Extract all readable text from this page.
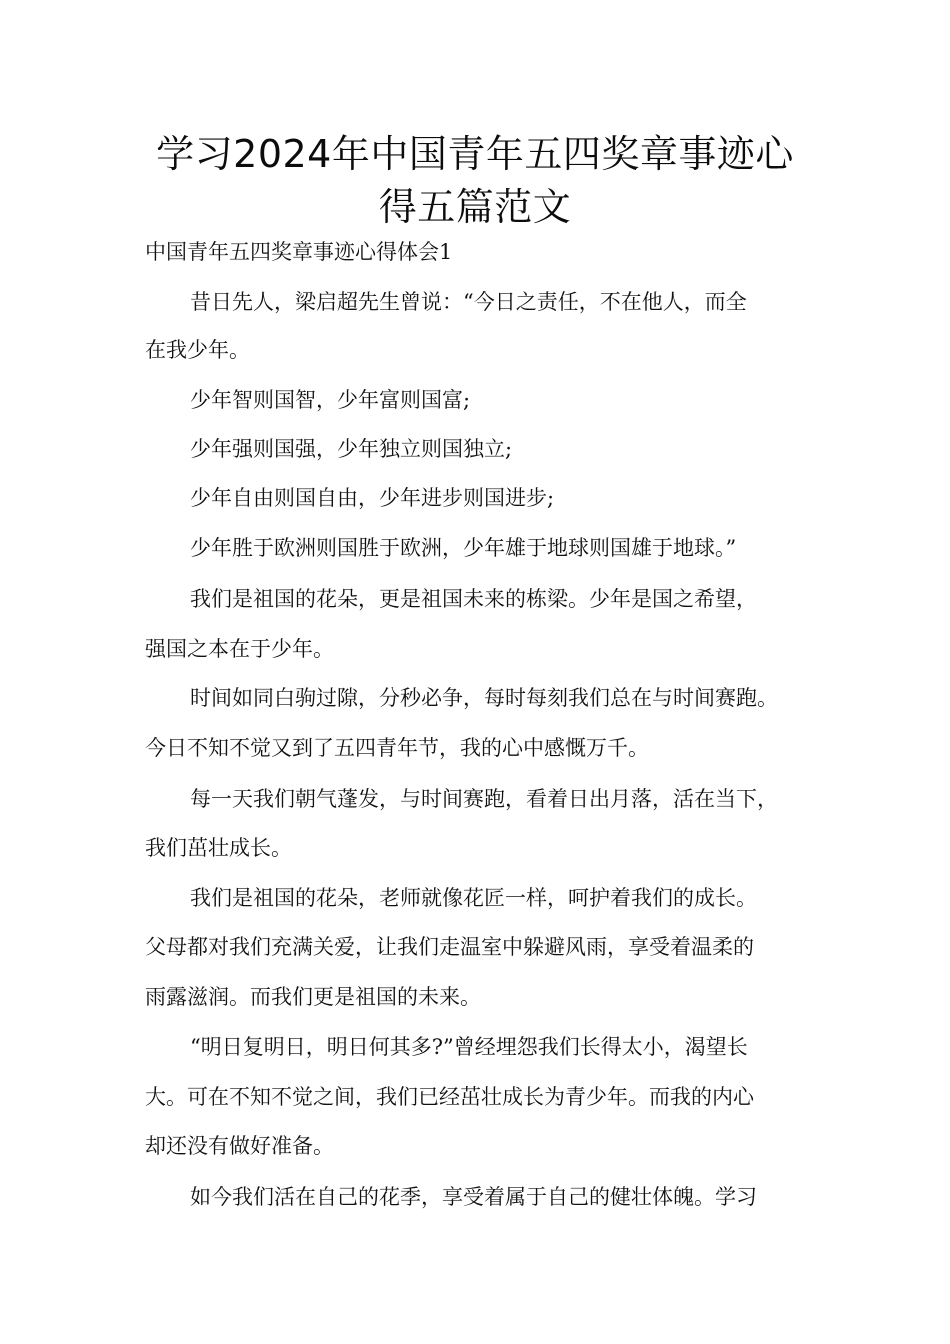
学习2024年中国青年五四奖章事迹心
得五篇范文
中国青年五四奖章事迹心得体会1
昔日先人，梁启超先生曾说：“今日之责任，不在他人，而全
在我少年。
少年智则国智，少年富则国富;
少年强则国强，少年独立则国独立;
少年自由则国自由，少年进步则国进步;
少年胜于欧洲则国胜于欧洲，少年雄于地球则国雄于地球。”
我们是祖国的花朵，更是祖国未来的栋梁。少年是国之希望，
强国之本在于少年。
时间如同白驹过隙，分秒必争，每时每刻我们总在与时间赛跑。
今日不知不觉又到了五四青年节，我的心中感慨万千。
每一天我们朝气蓬发，与时间赛跑，看着日出月落，活在当下，
我们茁壮成长。
我们是祖国的花朵，老师就像花匠一样，呵护着我们的成长。
父母都对我们充满关爱，让我们走温室中躲避风雨，享受着温柔的
雨露滋润。而我们更是祖国的未来。
“明日复明日，明日何其多?”曾经埋怨我们长得太小，渴望长
大。可在不知不觉之间，我们已经茁壮成长为青少年。而我的内心
却还没有做好准备。
如今我们活在自己的花季，享受着属于自己的健壮体魄。学习
